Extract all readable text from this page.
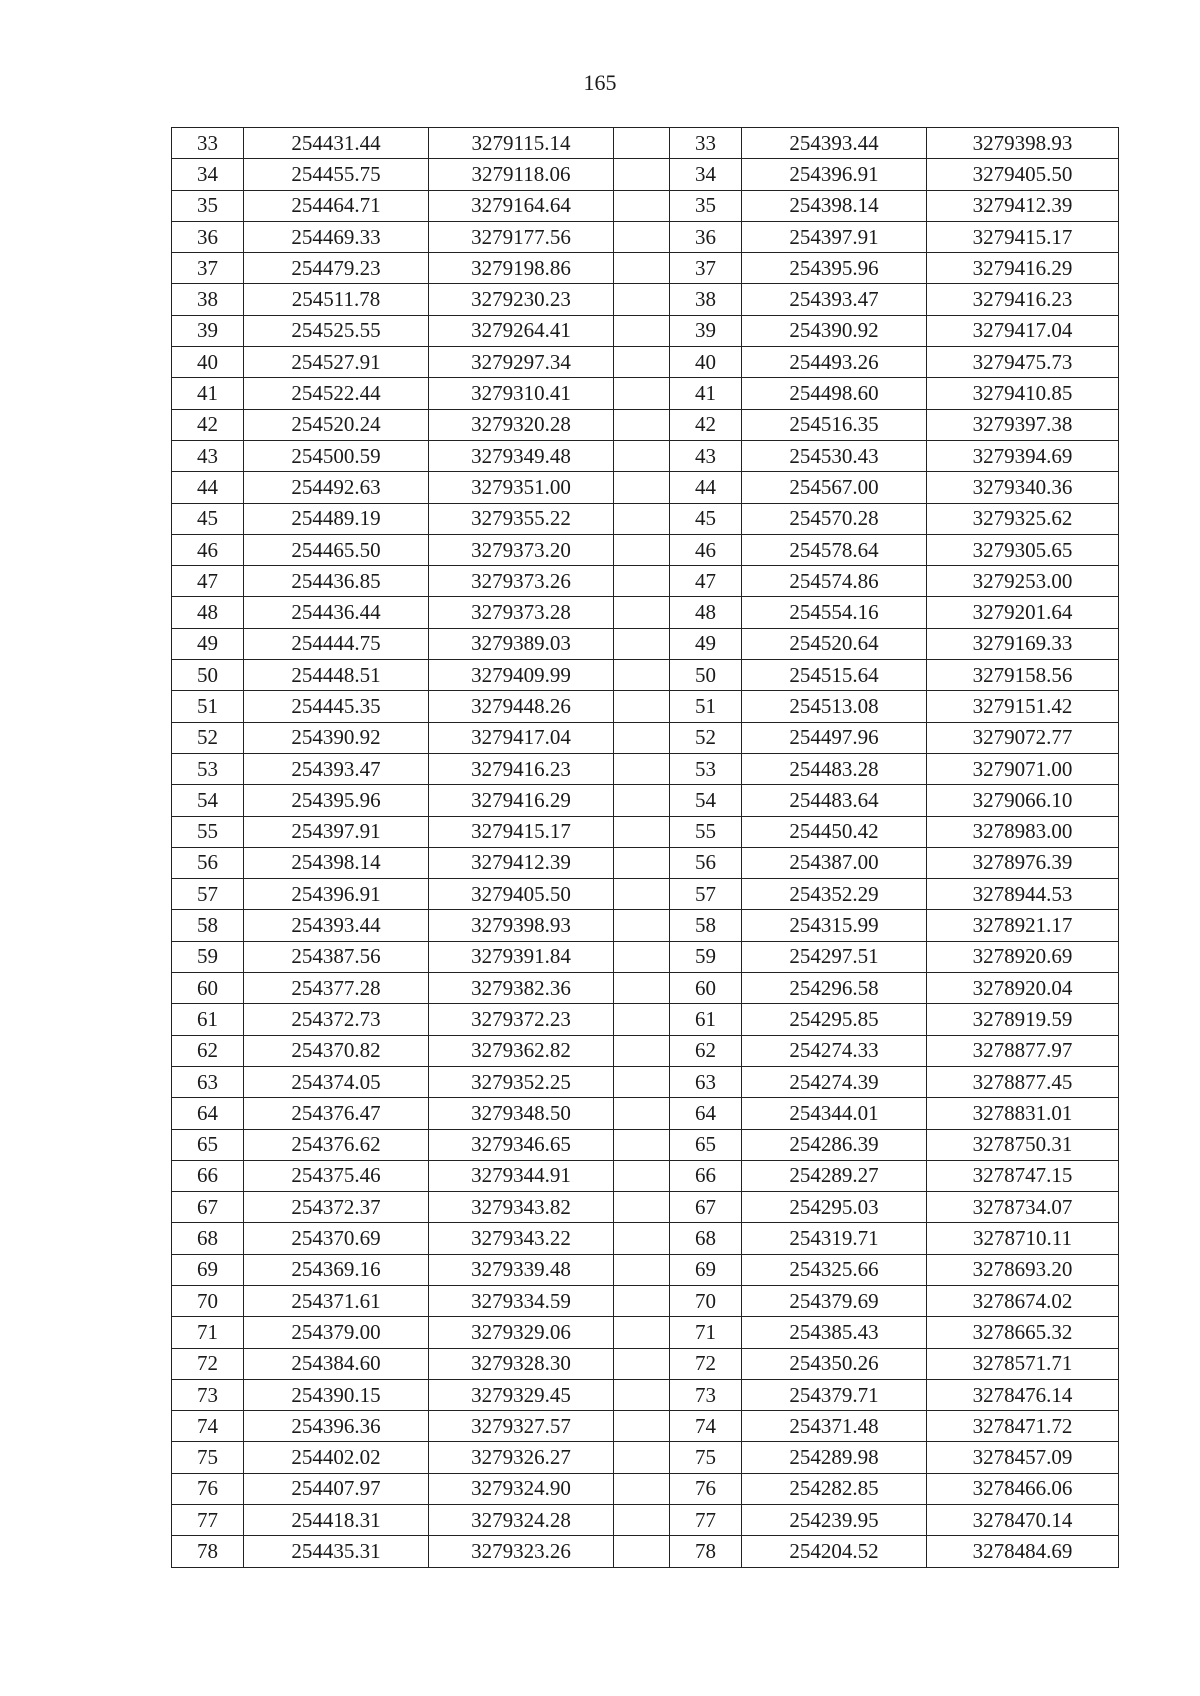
165
33	254431.44	3279115.14		33	254393.44	3279398.93
34	254455.75	3279118.06		34	254396.91	3279405.50
35	254464.71	3279164.64		35	254398.14	3279412.39
36	254469.33	3279177.56		36	254397.91	3279415.17
37	254479.23	3279198.86		37	254395.96	3279416.29
38	254511.78	3279230.23		38	254393.47	3279416.23
39	254525.55	3279264.41		39	254390.92	3279417.04
40	254527.91	3279297.34		40	254493.26	3279475.73
41	254522.44	3279310.41		41	254498.60	3279410.85
42	254520.24	3279320.28		42	254516.35	3279397.38
43	254500.59	3279349.48		43	254530.43	3279394.69
44	254492.63	3279351.00		44	254567.00	3279340.36
45	254489.19	3279355.22		45	254570.28	3279325.62
46	254465.50	3279373.20		46	254578.64	3279305.65
47	254436.85	3279373.26		47	254574.86	3279253.00
48	254436.44	3279373.28		48	254554.16	3279201.64
49	254444.75	3279389.03		49	254520.64	3279169.33
50	254448.51	3279409.99		50	254515.64	3279158.56
51	254445.35	3279448.26		51	254513.08	3279151.42
52	254390.92	3279417.04		52	254497.96	3279072.77
53	254393.47	3279416.23		53	254483.28	3279071.00
54	254395.96	3279416.29		54	254483.64	3279066.10
55	254397.91	3279415.17		55	254450.42	3278983.00
56	254398.14	3279412.39		56	254387.00	3278976.39
57	254396.91	3279405.50		57	254352.29	3278944.53
58	254393.44	3279398.93		58	254315.99	3278921.17
59	254387.56	3279391.84		59	254297.51	3278920.69
60	254377.28	3279382.36		60	254296.58	3278920.04
61	254372.73	3279372.23		61	254295.85	3278919.59
62	254370.82	3279362.82		62	254274.33	3278877.97
63	254374.05	3279352.25		63	254274.39	3278877.45
64	254376.47	3279348.50		64	254344.01	3278831.01
65	254376.62	3279346.65		65	254286.39	3278750.31
66	254375.46	3279344.91		66	254289.27	3278747.15
67	254372.37	3279343.82		67	254295.03	3278734.07
68	254370.69	3279343.22		68	254319.71	3278710.11
69	254369.16	3279339.48		69	254325.66	3278693.20
70	254371.61	3279334.59		70	254379.69	3278674.02
71	254379.00	3279329.06		71	254385.43	3278665.32
72	254384.60	3279328.30		72	254350.26	3278571.71
73	254390.15	3279329.45		73	254379.71	3278476.14
74	254396.36	3279327.57		74	254371.48	3278471.72
75	254402.02	3279326.27		75	254289.98	3278457.09
76	254407.97	3279324.90		76	254282.85	3278466.06
77	254418.31	3279324.28		77	254239.95	3278470.14
78	254435.31	3279323.26		78	254204.52	3278484.69
